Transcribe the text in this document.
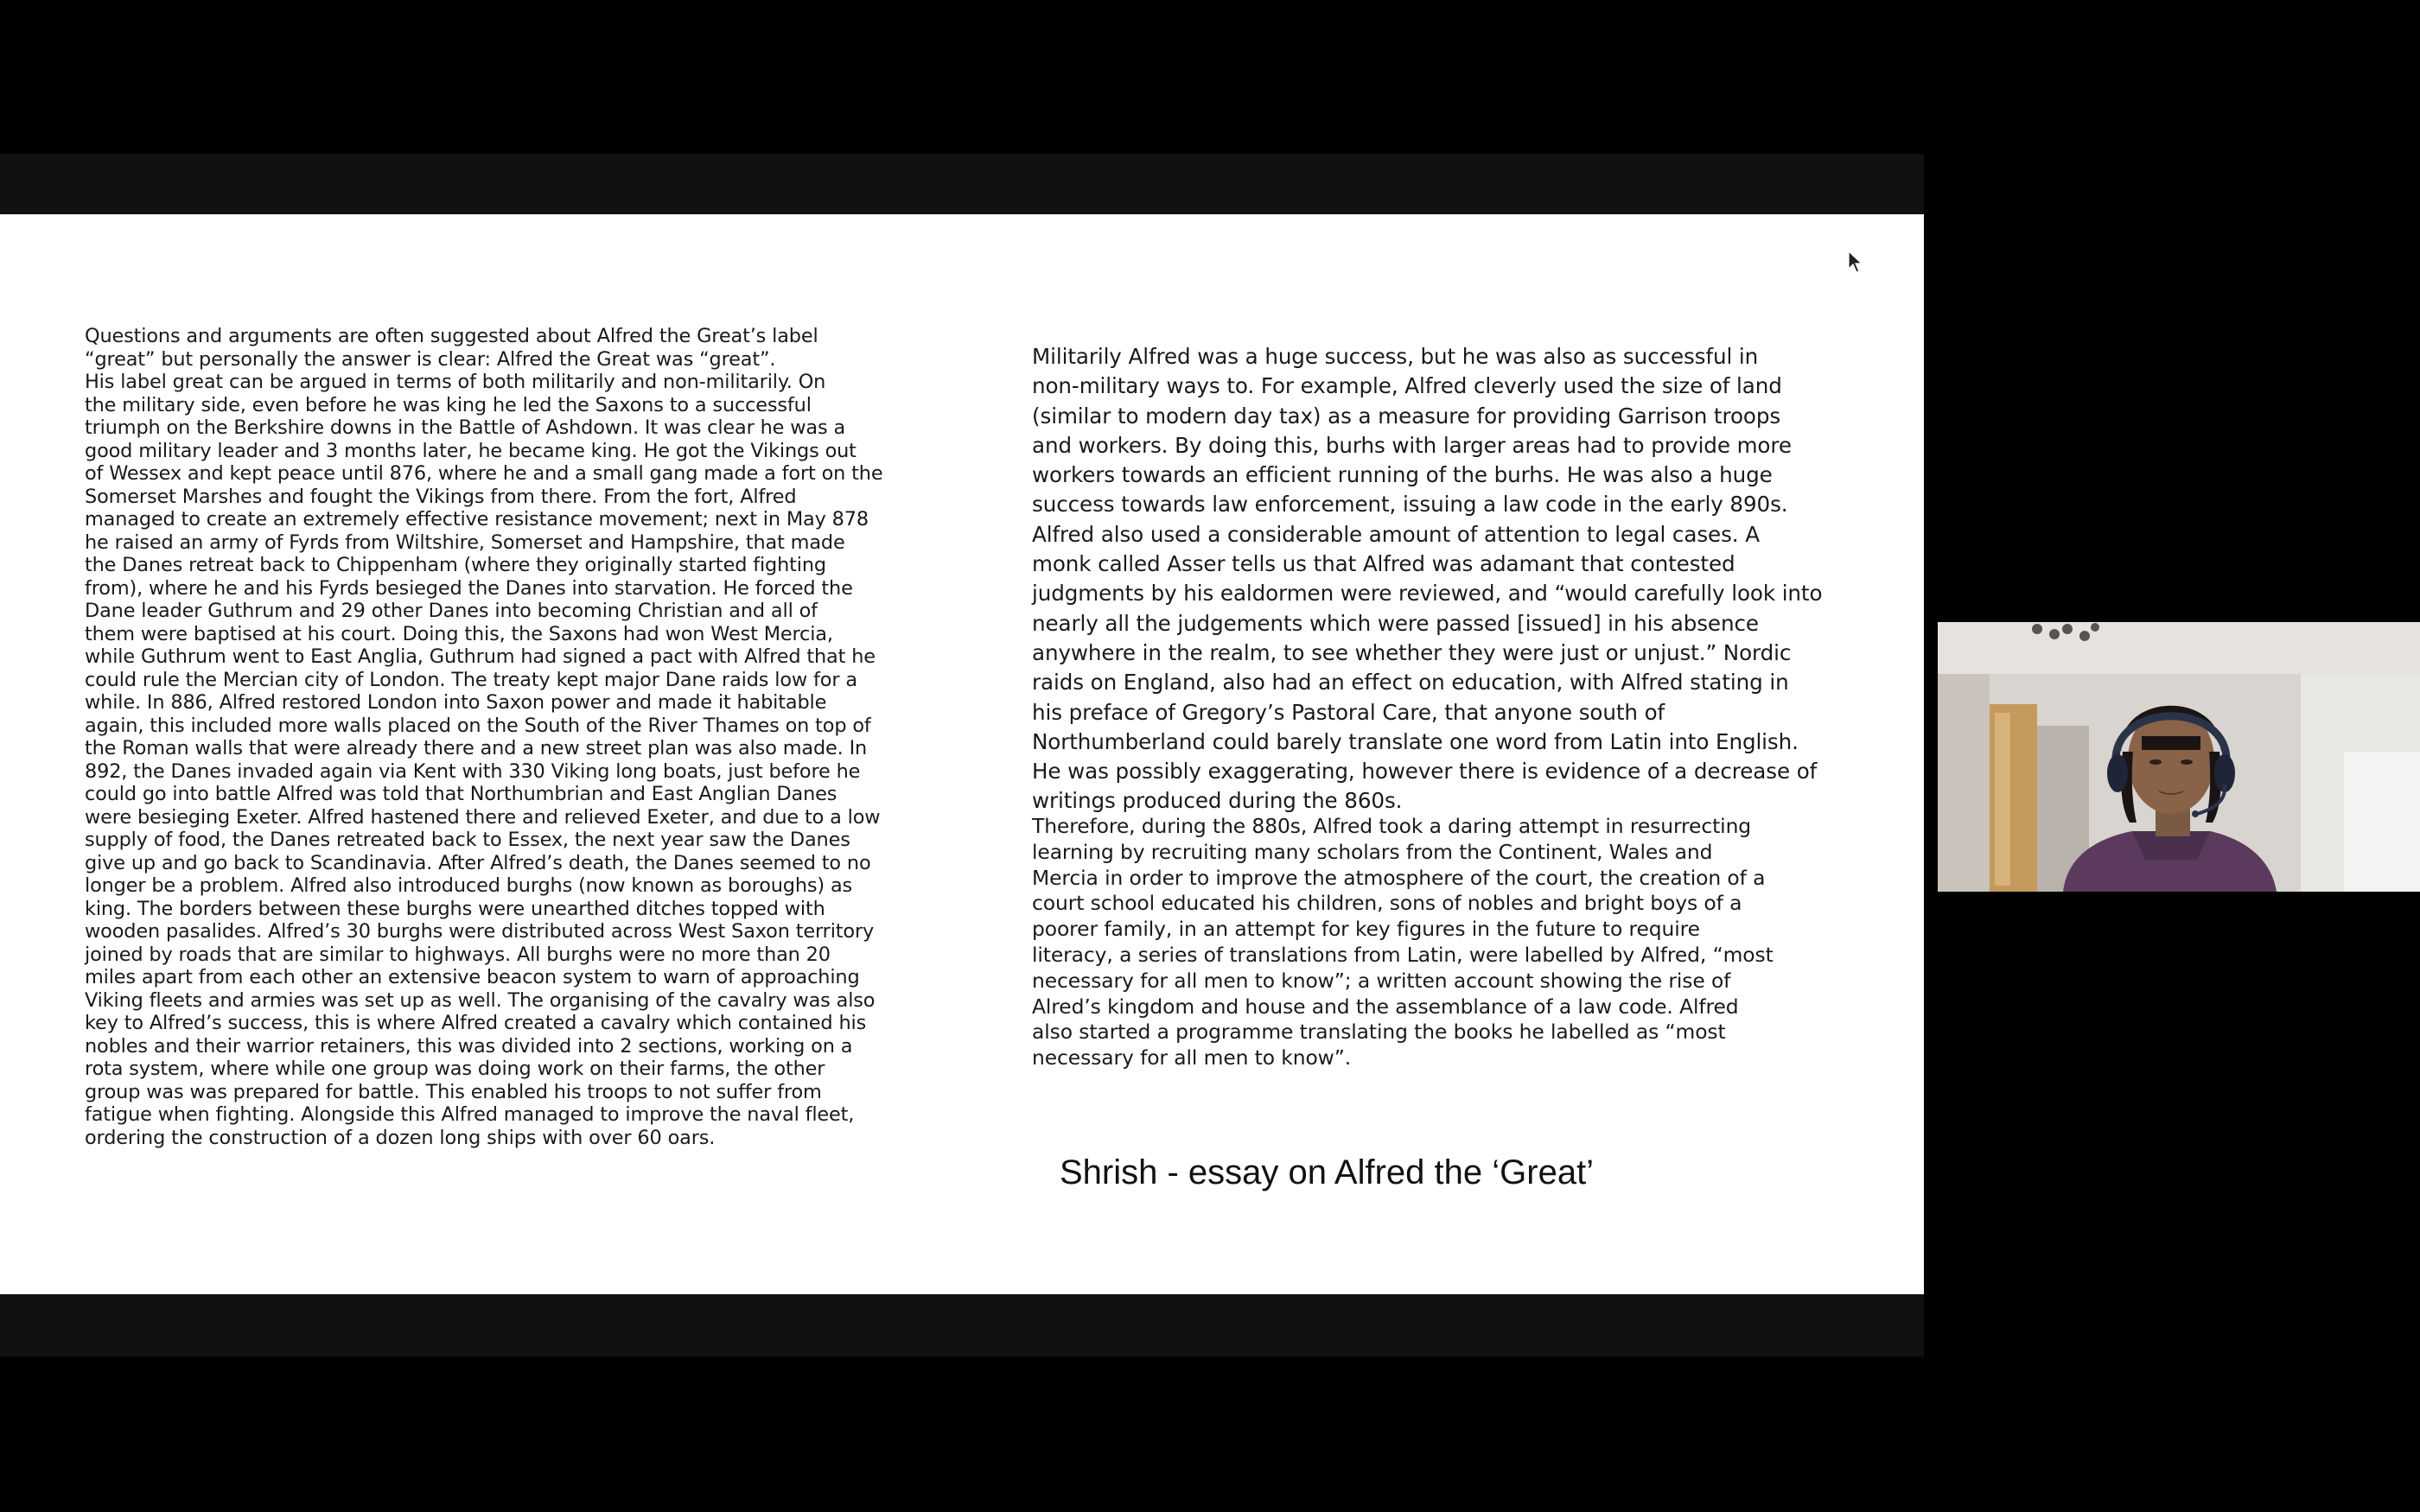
Questions and arguments are often suggested about Alfred the Great’s label
“great” but personally the answer is clear: Alfred the Great was “great”.
His label great can be argued in terms of both militarily and non-militarily. On
the military side, even before he was king he led the Saxons to a successful
triumph on the Berkshire downs in the Battle of Ashdown. It was clear he was a
good military leader and 3 months later, he became king. He got the Vikings out
of Wessex and kept peace until 876, where he and a small gang made a fort on the
Somerset Marshes and fought the Vikings from there. From the fort, Alfred
managed to create an extremely effective resistance movement; next in May 878
he raised an army of Fyrds from Wiltshire, Somerset and Hampshire, that made
the Danes retreat back to Chippenham (where they originally started fighting
from), where he and his Fyrds besieged the Danes into starvation. He forced the
Dane leader Guthrum and 29 other Danes into becoming Christian and all of
them were baptised at his court. Doing this, the Saxons had won West Mercia,
while Guthrum went to East Anglia, Guthrum had signed a pact with Alfred that he
could rule the Mercian city of London. The treaty kept major Dane raids low for a
while. In 886, Alfred restored London into Saxon power and made it habitable
again, this included more walls placed on the South of the River Thames on top of
the Roman walls that were already there and a new street plan was also made. In
892, the Danes invaded again via Kent with 330 Viking long boats, just before he
could go into battle Alfred was told that Northumbrian and East Anglian Danes
were besieging Exeter. Alfred hastened there and relieved Exeter, and due to a low
supply of food, the Danes retreated back to Essex, the next year saw the Danes
give up and go back to Scandinavia. After Alfred’s death, the Danes seemed to no
longer be a problem. Alfred also introduced burghs (now known as boroughs) as
king. The borders between these burghs were unearthed ditches topped with
wooden pasalides. Alfred’s 30 burghs were distributed across West Saxon territory
joined by roads that are similar to highways. All burghs were no more than 20
miles apart from each other an extensive beacon system to warn of approaching
Viking fleets and armies was set up as well. The organising of the cavalry was also
key to Alfred’s success, this is where Alfred created a cavalry which contained his
nobles and their warrior retainers, this was divided into 2 sections, working on a
rota system, where while one group was doing work on their farms, the other
group was was prepared for battle. This enabled his troops to not suffer from
fatigue when fighting. Alongside this Alfred managed to improve the naval fleet,
ordering the construction of a dozen long ships with over 60 oars.
Militarily Alfred was a huge success, but he was also as successful in
non-military ways to. For example, Alfred cleverly used the size of land
(similar to modern day tax) as a measure for providing Garrison troops
and workers. By doing this, burhs with larger areas had to provide more
workers towards an efficient running of the burhs. He was also a huge
success towards law enforcement, issuing a law code in the early 890s.
Alfred also used a considerable amount of attention to legal cases. A
monk called Asser tells us that Alfred was adamant that contested
judgments by his ealdormen were reviewed, and “would carefully look into
nearly all the judgements which were passed [issued] in his absence
anywhere in the realm, to see whether they were just or unjust.” Nordic
raids on England, also had an effect on education, with Alfred stating in
his preface of Gregory’s Pastoral Care, that anyone south of
Northumberland could barely translate one word from Latin into English.
He was possibly exaggerating, however there is evidence of a decrease of
writings produced during the 860s.
Therefore, during the 880s, Alfred took a daring attempt in resurrecting
learning by recruiting many scholars from the Continent, Wales and
Mercia in order to improve the atmosphere of the court, the creation of a
court school educated his children, sons of nobles and bright boys of a
poorer family, in an attempt for key figures in the future to require
literacy, a series of translations from Latin, were labelled by Alfred, “most
necessary for all men to know”; a written account showing the rise of
Alred’s kingdom and house and the assemblance of a law code. Alfred
also started a programme translating the books he labelled as “most
necessary for all men to know”.
Shrish - essay on Alfred the ‘Great’
